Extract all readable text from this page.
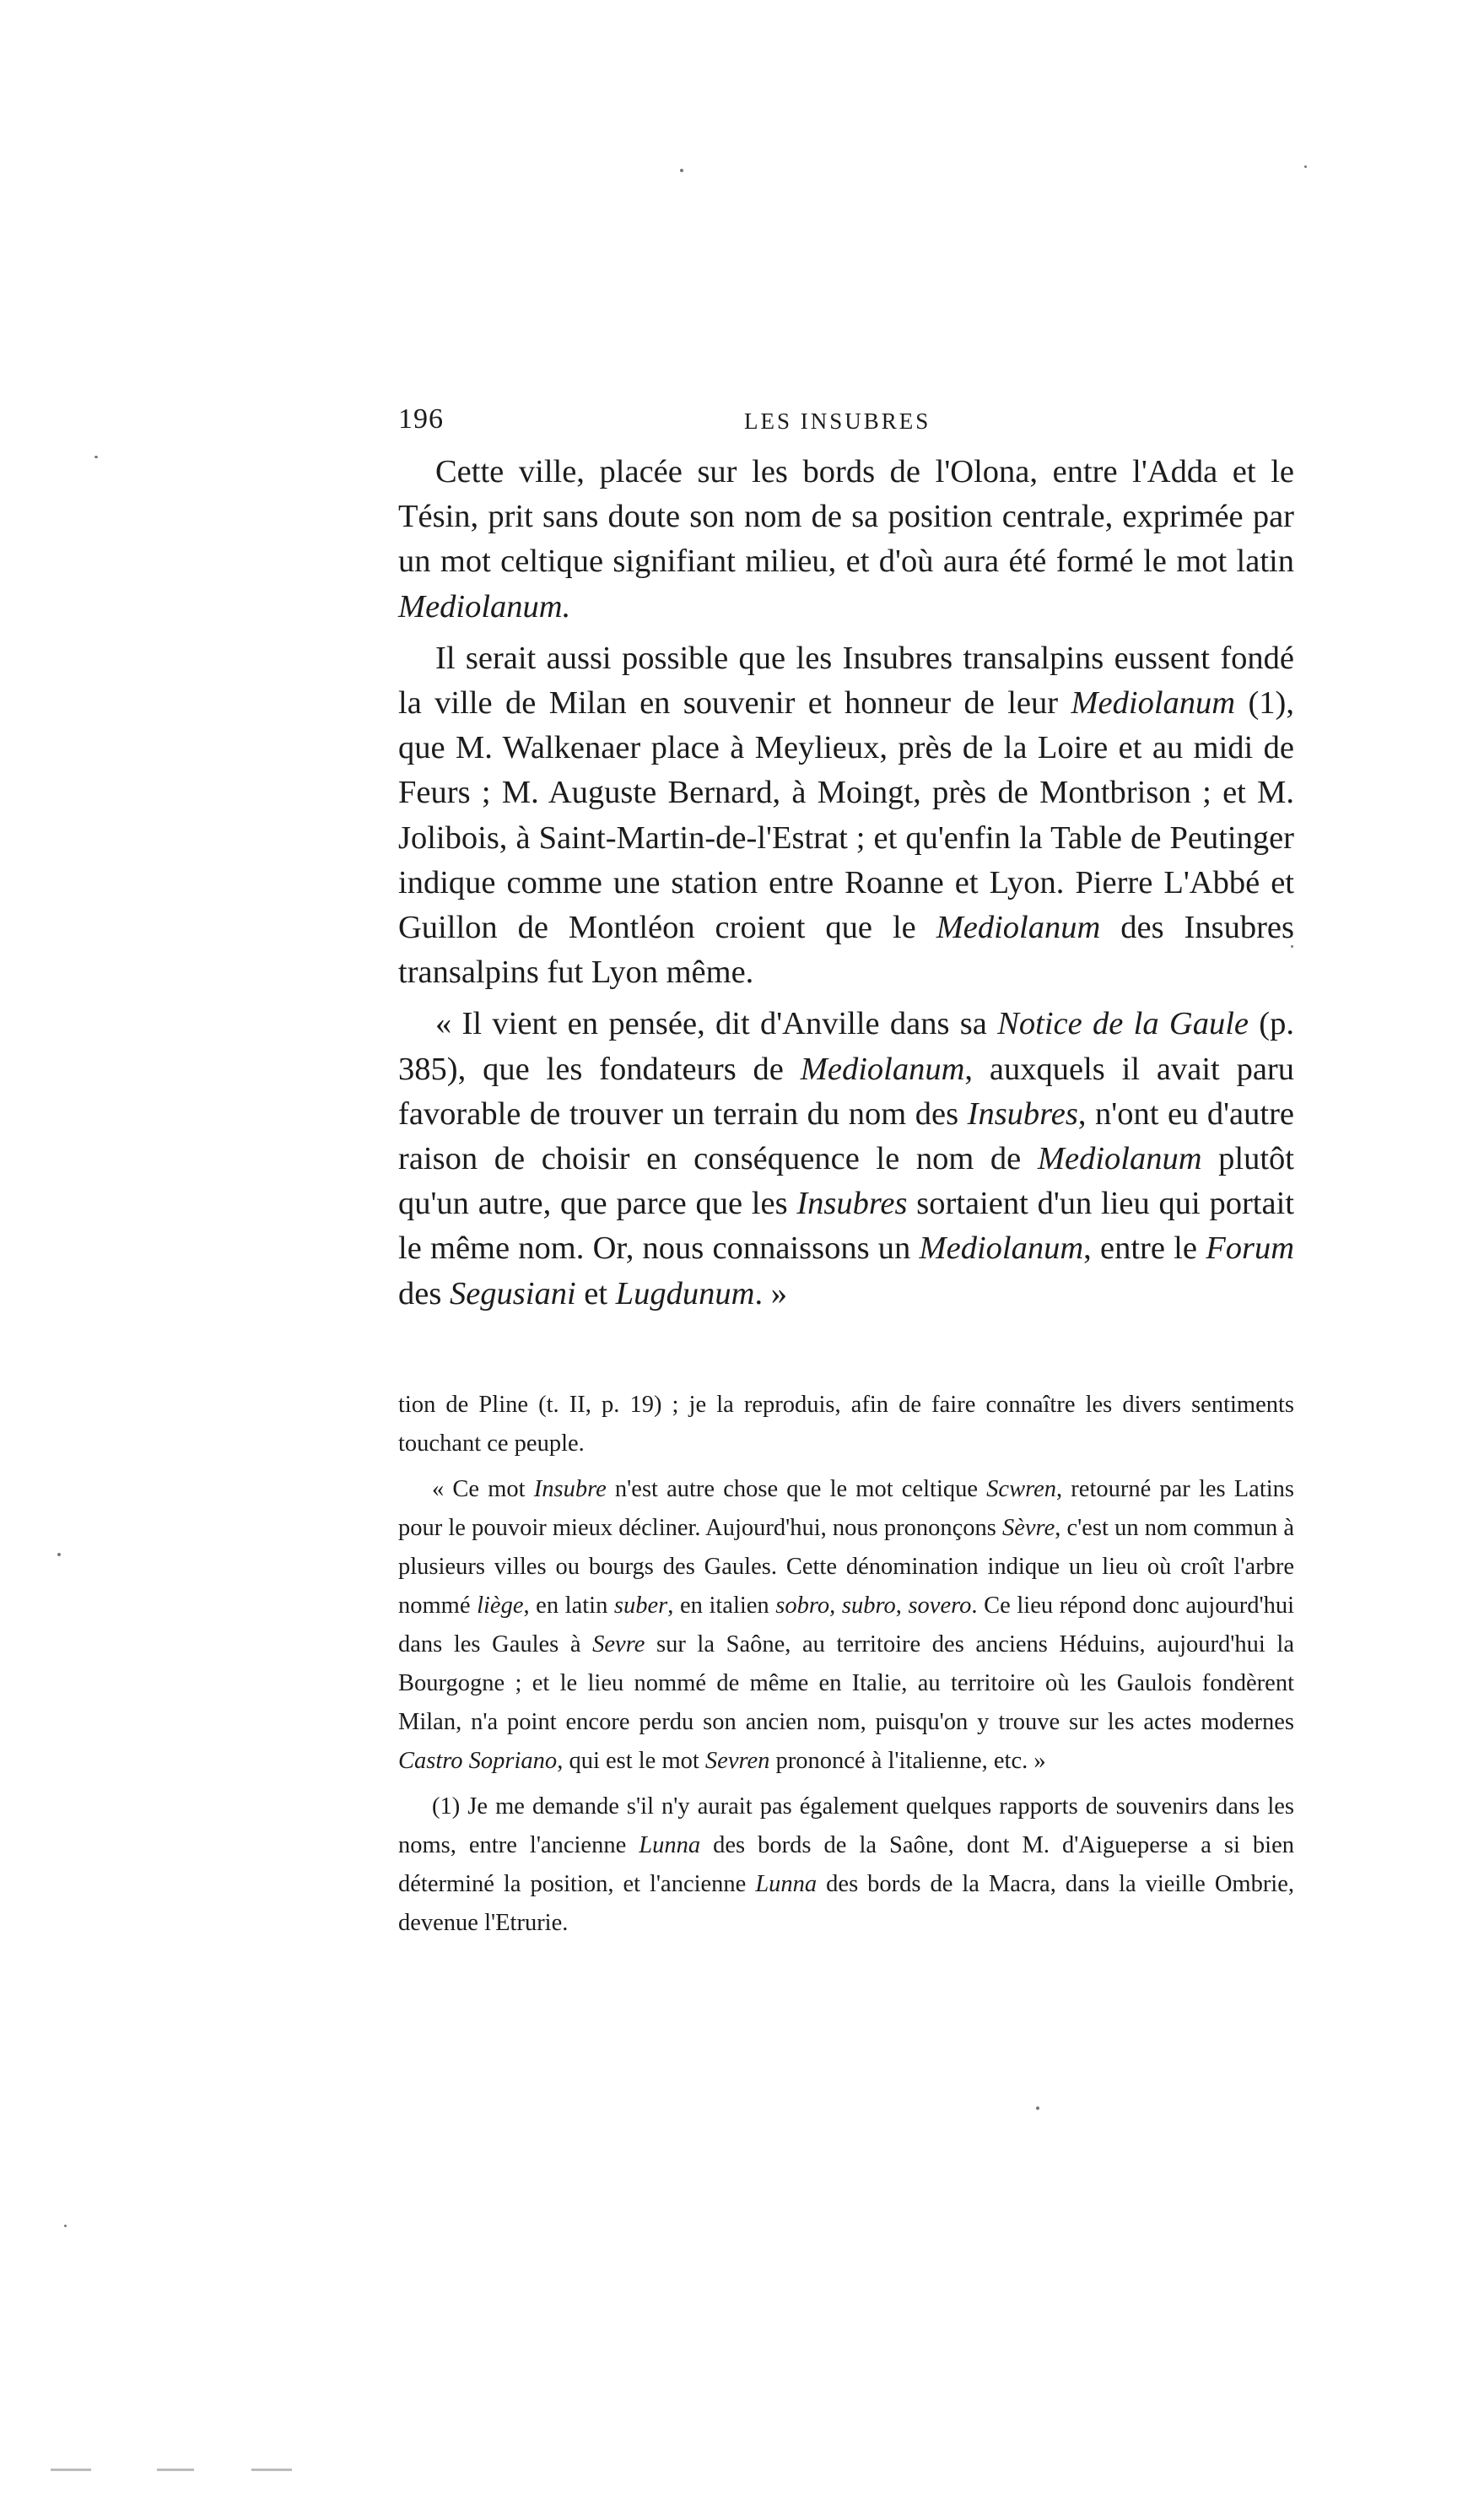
196	LES INSUBRES

Cette ville, placée sur les bords de l'Olona, entre l'Adda et le Tésin, prit sans doute son nom de sa position centrale, exprimée par un mot celtique signifiant milieu, et d'où aura été formé le mot latin Mediolanum.

Il serait aussi possible que les Insubres transalpins eussent fondé la ville de Milan en souvenir et honneur de leur Mediolanum (1), que M. Walkenaer place à Meylieux, près de la Loire et au midi de Feurs ; M. Auguste Bernard, à Moingt, près de Montbrison ; et M. Jolibois, à Saint-Martin-de-l'Estrat ; et qu'enfin la Table de Peutinger indique comme une station entre Roanne et Lyon. Pierre L'Abbé et Guillon de Montléon croient que le Mediolanum des Insubres transalpins fut Lyon même.

« Il vient en pensée, dit d'Anville dans sa Notice de la Gaule (p. 385), que les fondateurs de Mediolanum, auxquels il avait paru favorable de trouver un terrain du nom des Insubres, n'ont eu d'autre raison de choisir en conséquence le nom de Mediolanum plutôt qu'un autre, que parce que les Insubres sortaient d'un lieu qui portait le même nom. Or, nous connaissons un Mediolanum, entre le Forum des Segusiani et Lugdunum. »

tion de Pline (t. II, p. 19) ; je la reproduis, afin de faire connaître les divers sentiments touchant ce peuple.

« Ce mot Insubre n'est autre chose que le mot celtique Scwren, retourné par les Latins pour le pouvoir mieux décliner. Aujourd'hui, nous prononçons Sèvre, c'est un nom commun à plusieurs villes ou bourgs des Gaules. Cette dénomination indique un lieu où croît l'arbre nommé liège, en latin suber, en italien sobro, subro, sovero. Ce lieu répond donc aujourd'hui dans les Gaules à Sevre sur la Saône, au territoire des anciens Héduins, aujourd'hui la Bourgogne ; et le lieu nommé de même en Italie, au territoire où les Gaulois fondèrent Milan, n'a point encore perdu son ancien nom, puisqu'on y trouve sur les actes modernes Castro Sopriano, qui est le mot Sevren prononcé à l'italienne, etc. »

(1) Je me demande s'il n'y aurait pas également quelques rapports de souvenirs dans les noms, entre l'ancienne Lunna des bords de la Saône, dont M. d'Aigueperse a si bien déterminé la position, et l'ancienne Lunna des bords de la Macra, dans la vieille Ombrie, devenue l'Etrurie.
